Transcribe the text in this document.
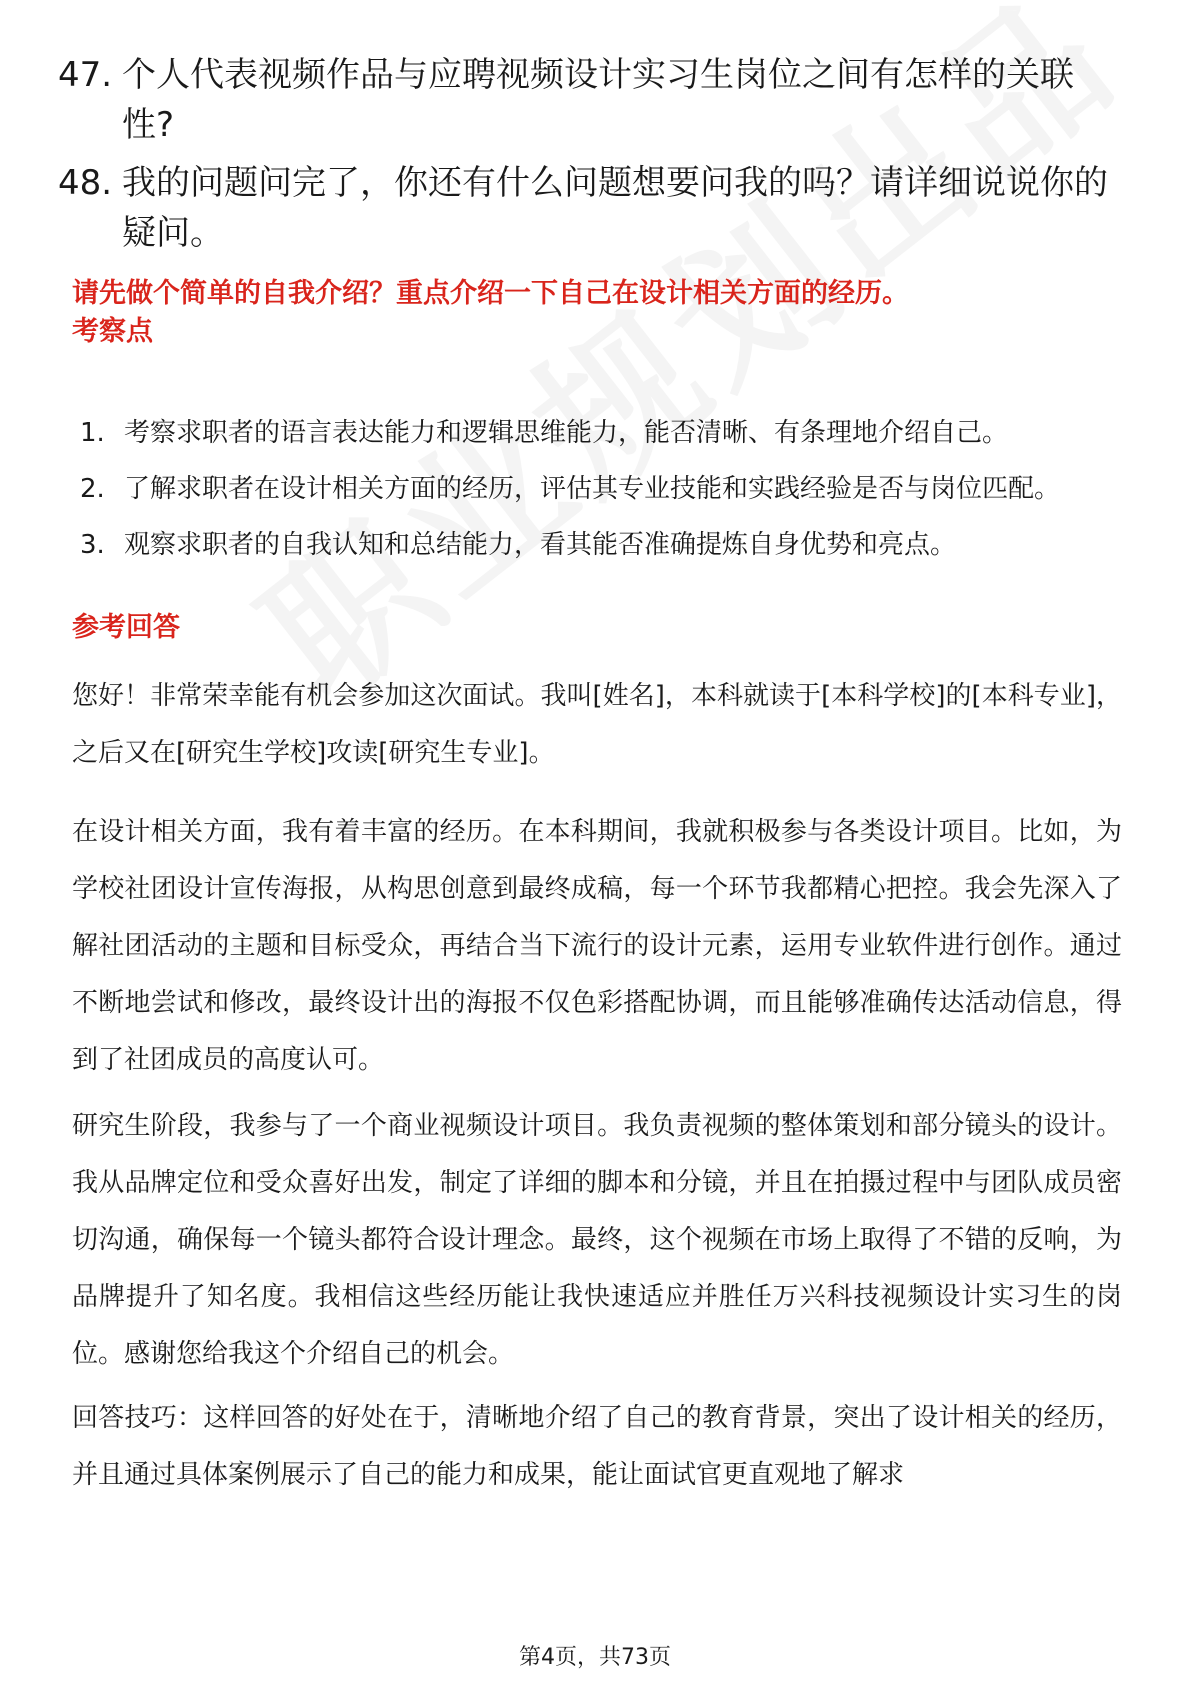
47. 个人代表视频作品与应聘视频设计实习生岗位之间有怎样的关联性?
48. 我的问题问完了，你还有什么问题想要问我的吗？请详细说说你的疑问。
请先做个简单的自我介绍？重点介绍一下自己在设计相关方面的经历。
考察点
1. 考察求职者的语言表达能力和逻辑思维能力，能否清晰、有条理地介绍自己。
2. 了解求职者在设计相关方面的经历，评估其专业技能和实践经验是否与岗位匹配。
3. 观察求职者的自我认知和总结能力，看其能否准确提炼自身优势和亮点。
参考回答
您好！非常荣幸能有机会参加这次面试。我叫[姓名]，本科就读于[本科学校]的[本科专业]，之后又在[研究生学校]攻读[研究生专业]。
在设计相关方面，我有着丰富的经历。在本科期间，我就积极参与各类设计项目。比如，为学校社团设计宣传海报，从构思创意到最终成稿，每一个环节我都精心把控。我会先深入了解社团活动的主题和目标受众，再结合当下流行的设计元素，运用专业软件进行创作。通过不断地尝试和修改，最终设计出的海报不仅色彩搭配协调，而且能够准确传达活动信息，得到了社团成员的高度认可。
研究生阶段，我参与了一个商业视频设计项目。我负责视频的整体策划和部分镜头的设计。我从品牌定位和受众喜好出发，制定了详细的脚本和分镜，并且在拍摄过程中与团队成员密切沟通，确保每一个镜头都符合设计理念。最终，这个视频在市场上取得了不错的反响，为品牌提升了知名度。我相信这些经历能让我快速适应并胜任万兴科技视频设计实习生的岗位。感谢您给我这个介绍自己的机会。
回答技巧：这样回答的好处在于，清晰地介绍了自己的教育背景，突出了设计相关的经历，并且通过具体案例展示了自己的能力和成果，能让面试官更直观地了解求
第4页，共73页
